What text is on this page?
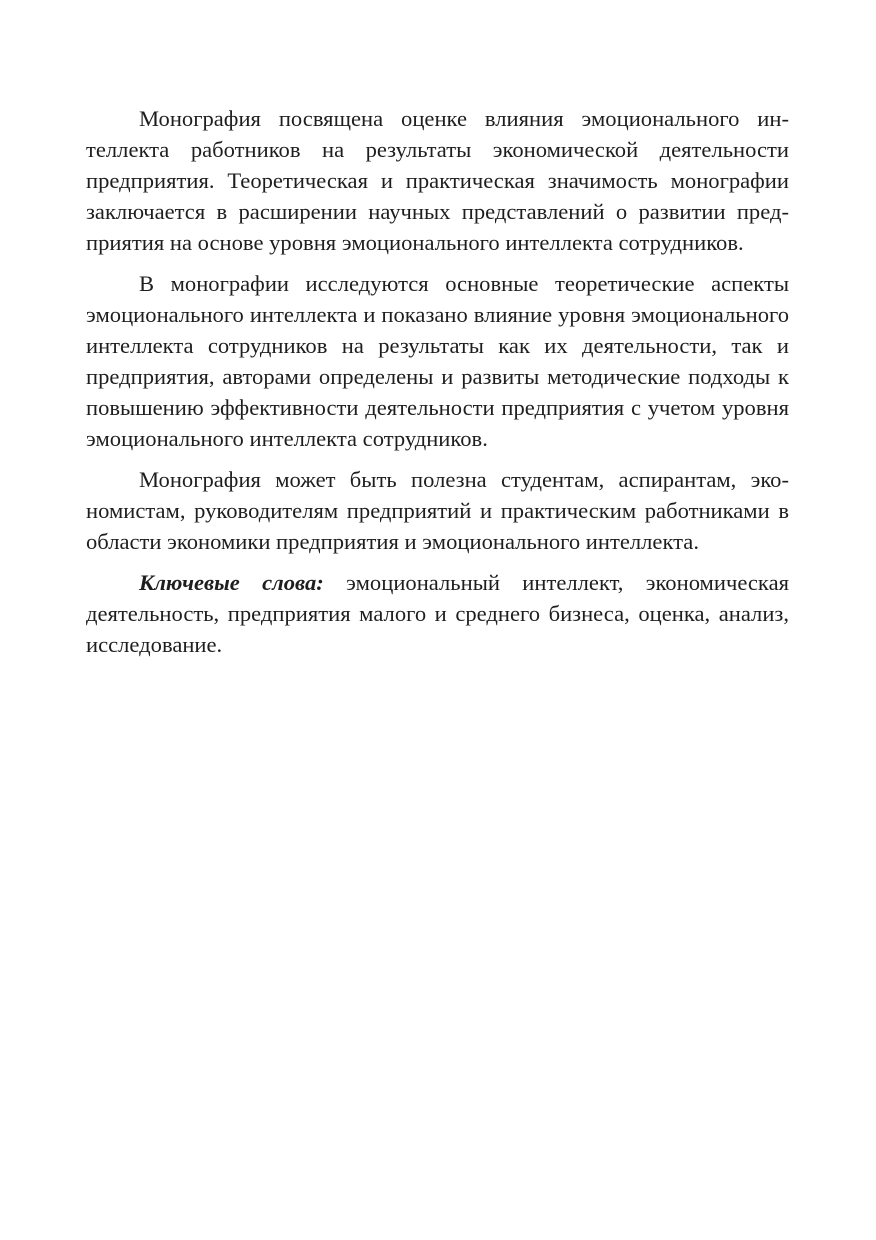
Монография посвящена оценке влияния эмоционального интеллекта работников на результаты экономической деятельности предприятия. Теоретическая и практическая значимость монографии заключается в расширении научных представлений о развитии предприятия на основе уровня эмоционального интеллекта сотрудников.

В монографии исследуются основные теоретические аспекты эмоционального интеллекта и показано влияние уровня эмоционального интеллекта сотрудников на результаты как их деятельности, так и предприятия, авторами определены и развиты методические подходы к повышению эффективности деятельности предприятия с учетом уровня эмоционального интеллекта сотрудников.

Монография может быть полезна студентам, аспирантам, экономистам, руководителям предприятий и практическим работниками в области экономики предприятия и эмоционального интеллекта.

Ключевые слова: эмоциональный интеллект, экономическая деятельность, предприятия малого и среднего бизнеса, оценка, анализ, исследование.
